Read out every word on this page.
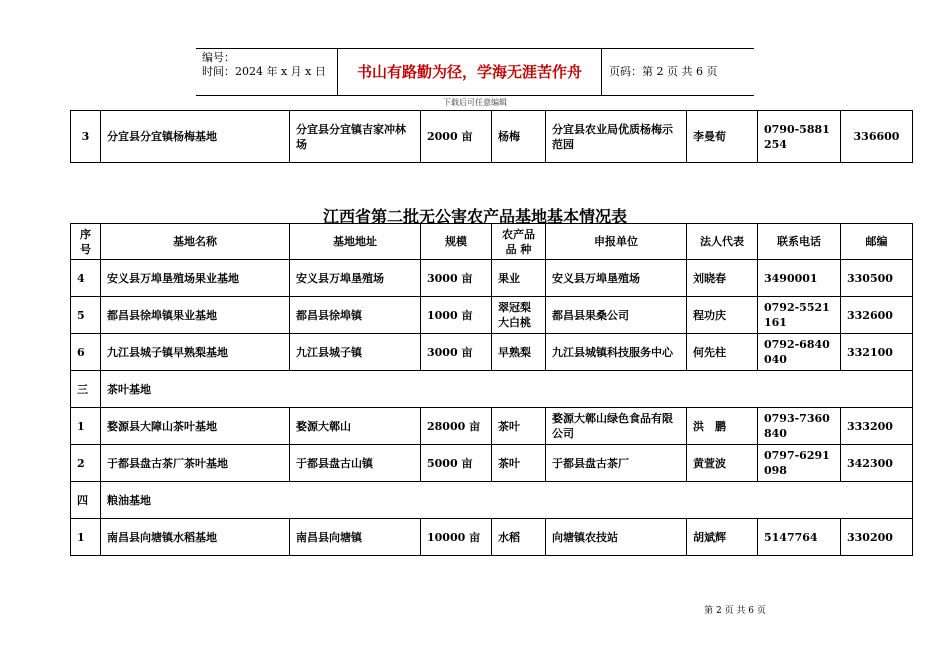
编号：
时间：2024 年 x 月 x 日	书山有路勤为径，学海无涯苦作舟	页码：第 2 页 共 6 页
下载后可任意编辑
3	分宜县分宜镇杨梅基地	分宜县分宜镇吉家冲林场	2000 亩	杨梅	分宜县农业局优质杨梅示范园	李曼荀	0790-5881254	336600
江西省第二批无公害农产品基地基本情况表
序号	基地名称	基地地址	规模	农产品品 种	申报单位	法人代表	联系电话	邮编
4	安义县万埠垦殖场果业基地	安义县万埠垦殖场	3000 亩	果业	安义县万埠垦殖场	刘晓春	3490001	330500
5	都昌县徐埠镇果业基地	都昌县徐埠镇	1000 亩	翠冠梨大白桃	都昌县果桑公司	程功庆	0792-5521161	332600
6	九江县城子镇早熟梨基地	九江县城子镇	3000 亩	早熟梨	九江县城镇科技服务中心	何先柱	0792-6840040	332100
三	茶叶基地							
1	婺源县大障山茶叶基地	婺源大鄣山	28000 亩	茶叶	婺源大鄣山绿色食品有限公司	洪　鹏	0793-7360840	333200
2	于都县盘古茶厂茶叶基地	于都县盘古山镇	5000 亩	茶叶	于都县盘古茶厂	黄萱波	0797-6291098	342300
四	粮油基地							
1	南昌县向塘镇水稻基地	南昌县向塘镇	10000 亩	水稻	向塘镇农技站	胡斌辉	5147764	330200
第 2 页 共 6 页
